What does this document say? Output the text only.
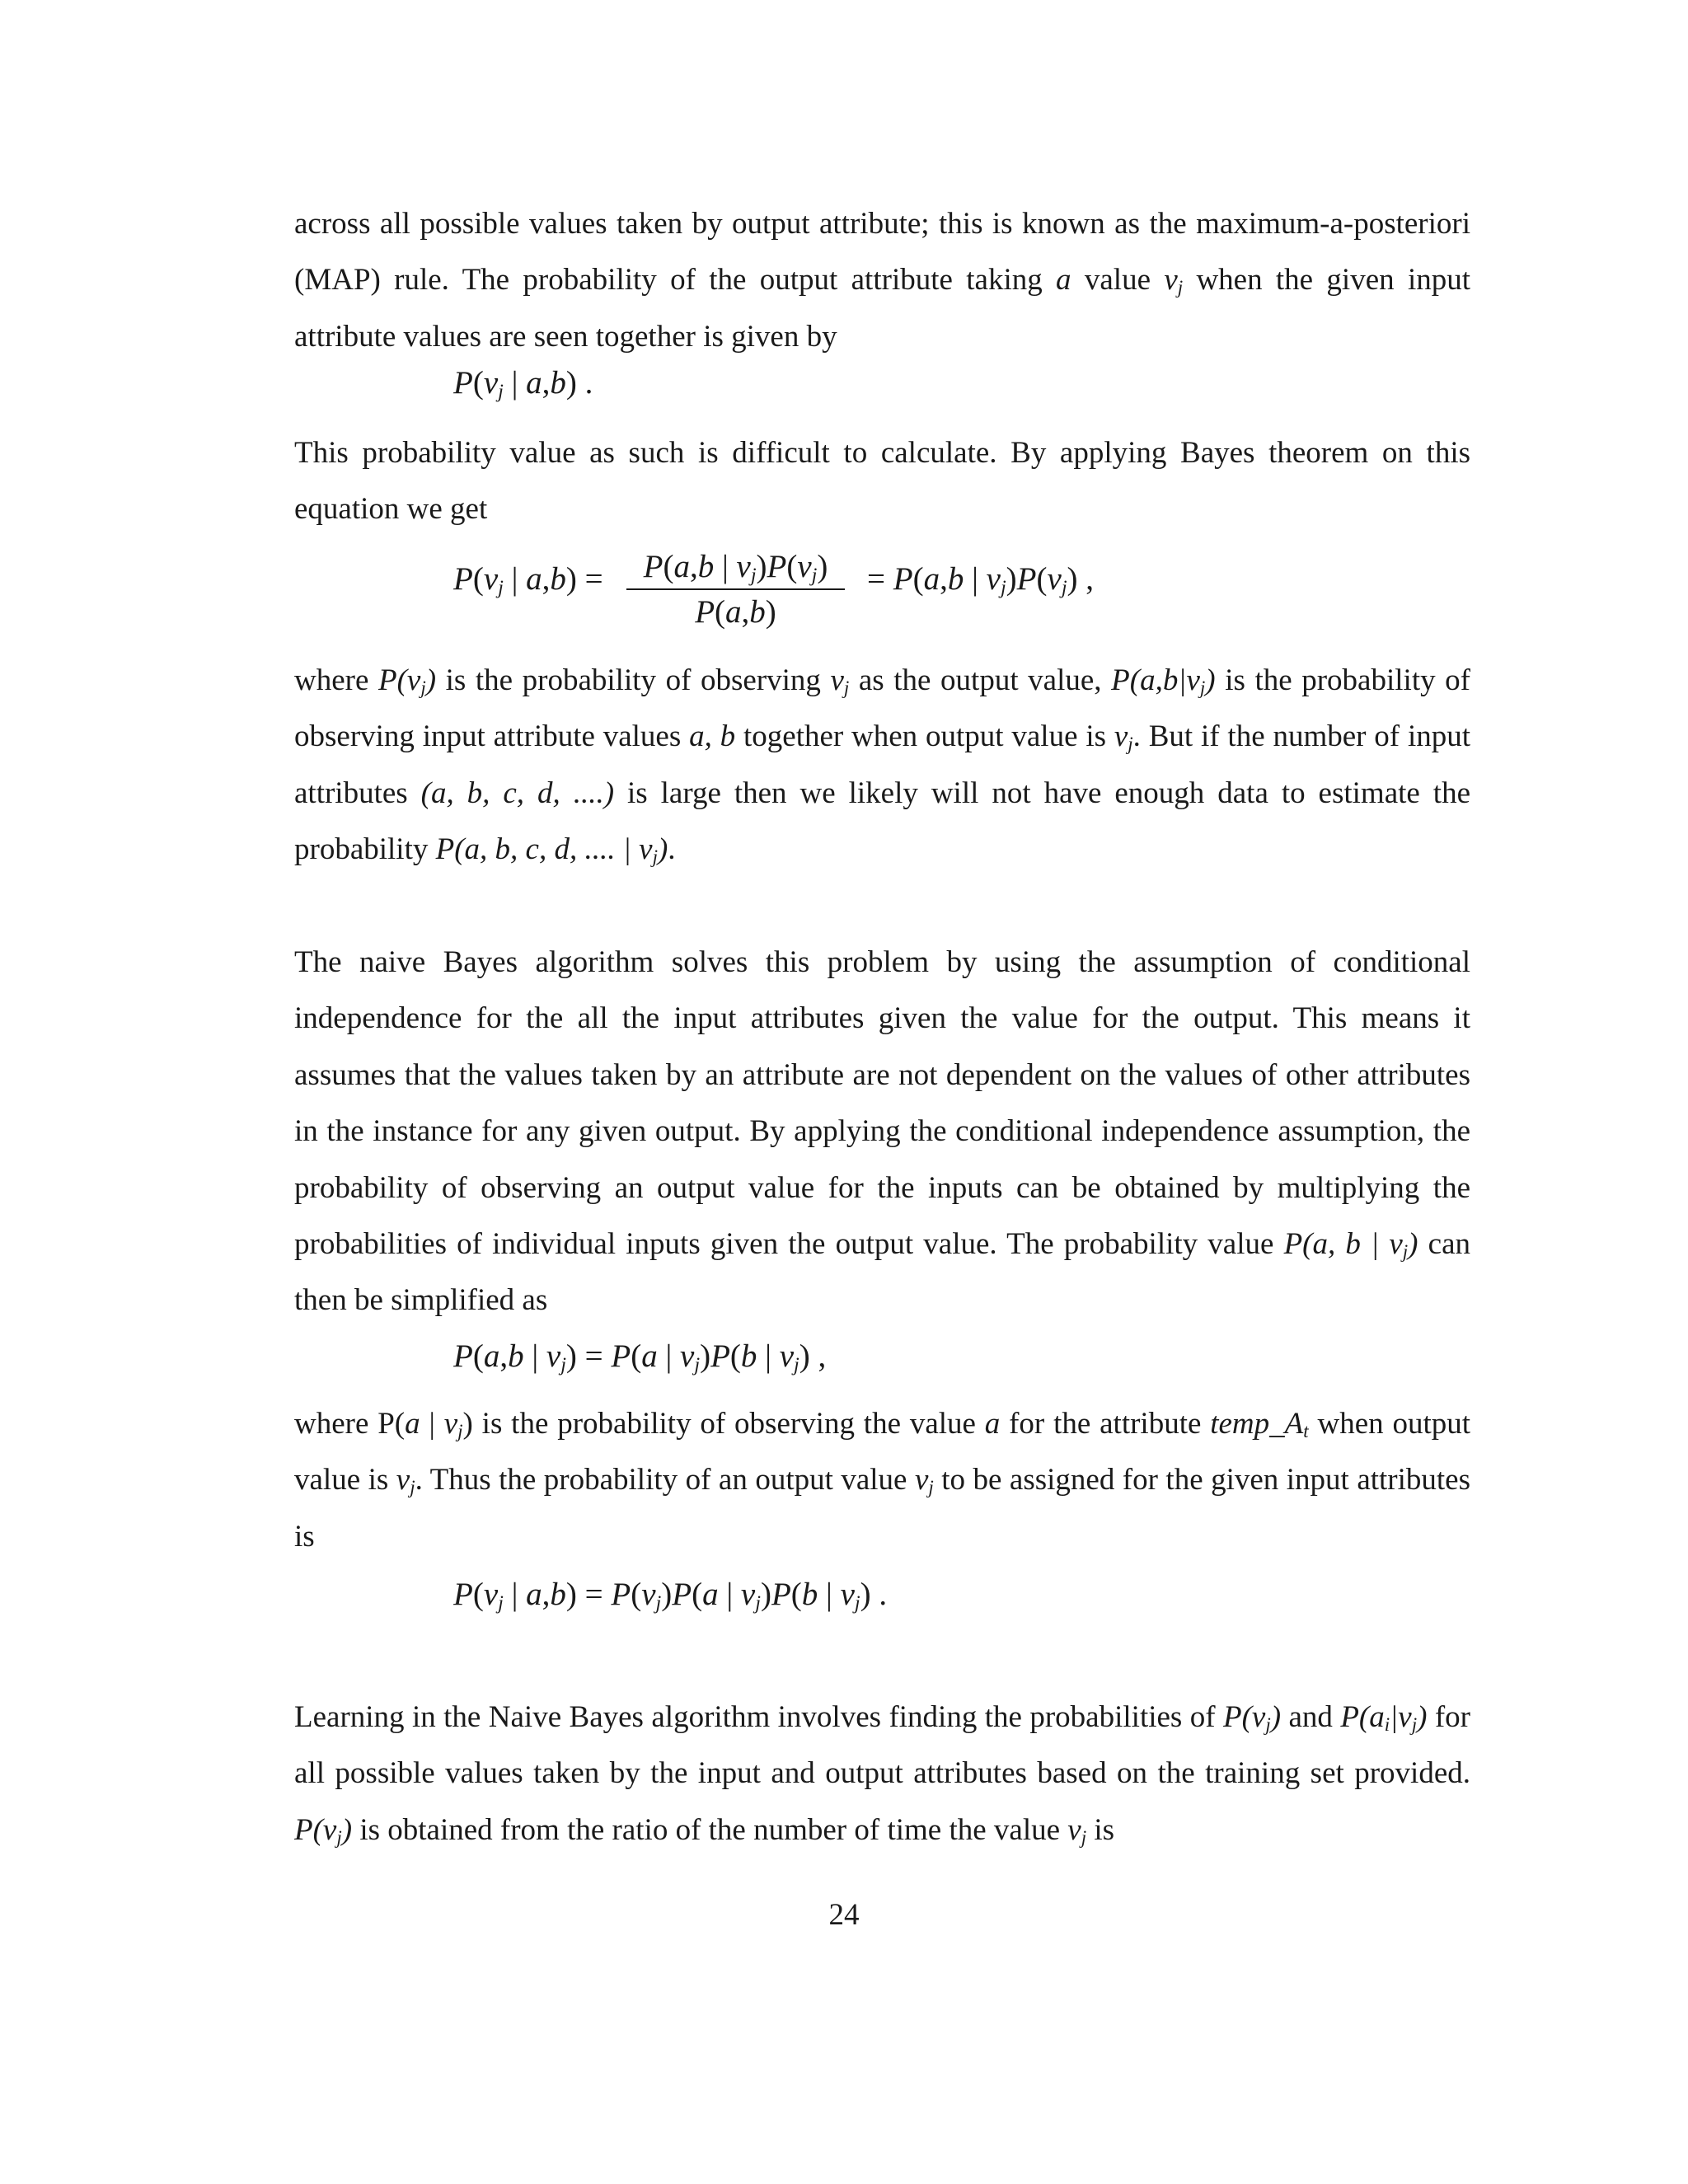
across all possible values taken by output attribute; this is known as the maximum-a-posteriori (MAP) rule. The probability of the output attribute taking a value $v_j$ when the given input attribute values are seen together is given by

$P(v_j$ | a,b) .

This probability value as such is difficult to calculate. By applying Bayes theorem on this equation we get

$P(v_j$ | a,b) =	P(a,b | $v_j)P(v_j)$
P(a,b)
= P(a,b | $v_j)P(v_j)$ ,

where $P(v_j)$ is the probability of observing $v_j$ as the output value, $P(a,b|v_j)$ is the probability of observing input attribute values a, b together when output value is $v_j$. But if the number of input attributes (a, b, c, d, ....) is large then we likely will not have enough data to estimate the probability P(a, b, c, d, .... | $v_j$).

The naive Bayes algorithm solves this problem by using the assumption of conditional independence for the all the input attributes given the value for the output. This means it assumes that the values taken by an attribute are not dependent on the values of other attributes in the instance for any given output. By applying the conditional independence assumption, the probability of observing an output value for the inputs can be obtained by multiplying the probabilities of individual inputs given the output value. The probability value P(a, b | $v_j$) can then be simplified as

P(a,b | $v_j) = P(a$ | $v_j)P(b$ | $v_j$) ,

where P(a | $v_j$) is the probability of observing the value a for the attribute $temp\_A_t$ when output value is $v_j$. Thus the probability of an output value $v_j$ to be assigned for the given input attributes is

$P(v_j$ | $a,b) = P(v_j)P(a$ | $v_j)P(b$ | $v_j$) .

Learning in the Naive Bayes algorithm involves finding the probabilities of $P(v_j)$ and $P(a_i|v_j)$ for all possible values taken by the input and output attributes based on the training set provided. $P(v_j)$ is obtained from the ratio of the number of time the value $v_j$ is

24
